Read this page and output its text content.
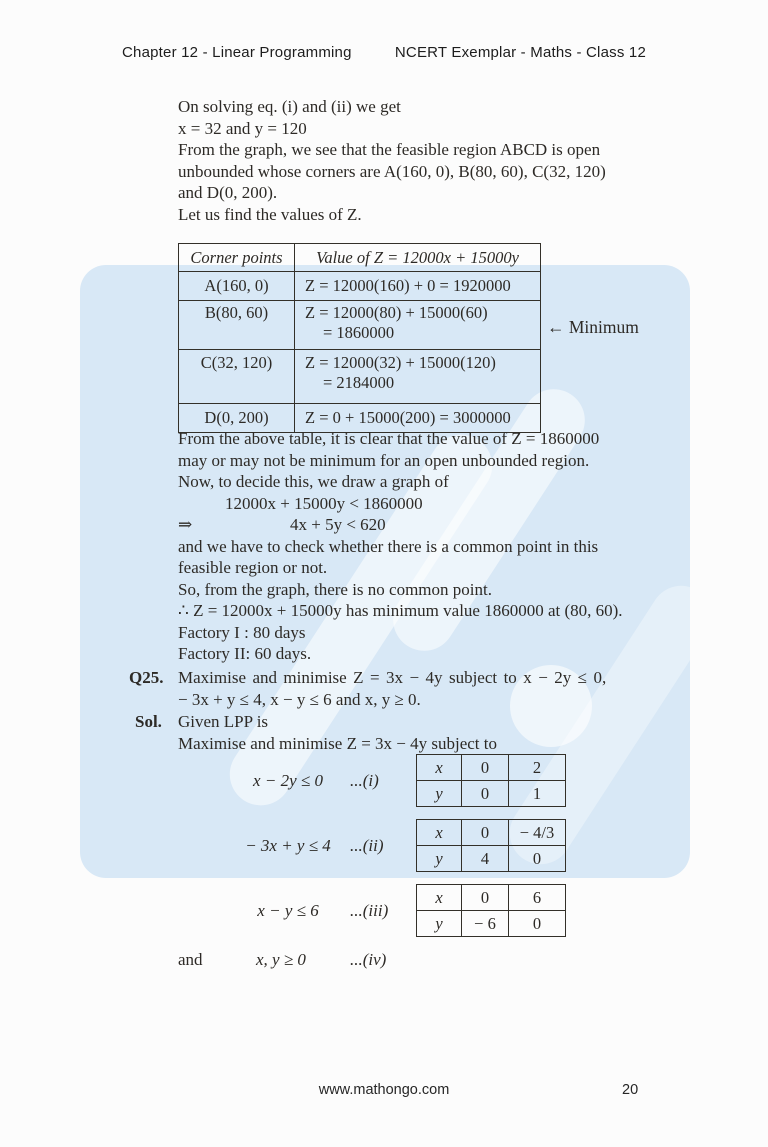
Chapter 12 - Linear Programming	NCERT Exemplar - Maths - Class 12
On solving eq. (i) and (ii) we get
x = 32 and y = 120
From the graph, we see that the feasible region ABCD is open
unbounded whose corners are A(160, 0), B(80, 60), C(32, 120)
and D(0, 200).
Let us find the values of Z.
Corner points	Value of Z = 12000x + 15000y
A(160, 0)	Z = 12000(160) + 0 = 1920000
B(80, 60)	Z = 12000(80) + 15000(60)
= 1860000

C(32, 120)	Z = 12000(32) + 15000(120)
= 2184000

D(0, 200)	Z = 0 + 15000(200) = 3000000
← Minimum
From the above table, it is clear that the value of Z = 1860000
may or may not be minimum for an open unbounded region.
Now, to decide this, we draw a graph of
12000x + 15000y < 1860000
⇒	4x + 5y < 620
and we have to check whether there is a common point in this
feasible region or not.
So, from the graph, there is no common point.
∴ Z = 12000x + 15000y has minimum value 1860000 at (80, 60).
Factory I : 80 days
Factory II: 60 days.
Q25. Maximise and minimise Z = 3x − 4y subject to x − 2y ≤ 0,
− 3x + y ≤ 4, x − y ≤ 6 and x, y ≥ 0.
Sol. Given LPP is
Maximise and minimise Z = 3x − 4y subject to
x − 2y ≤ 0	...(i)
x	0	2
y	0	1
− 3x + y ≤ 4	...(ii)
x	0	− 4/3
y	4	0
x − y ≤ 6	...(iii)
x	0	6
y	− 6	0
and	x, y ≥ 0	...(iv)
www.mathongo.com	20
